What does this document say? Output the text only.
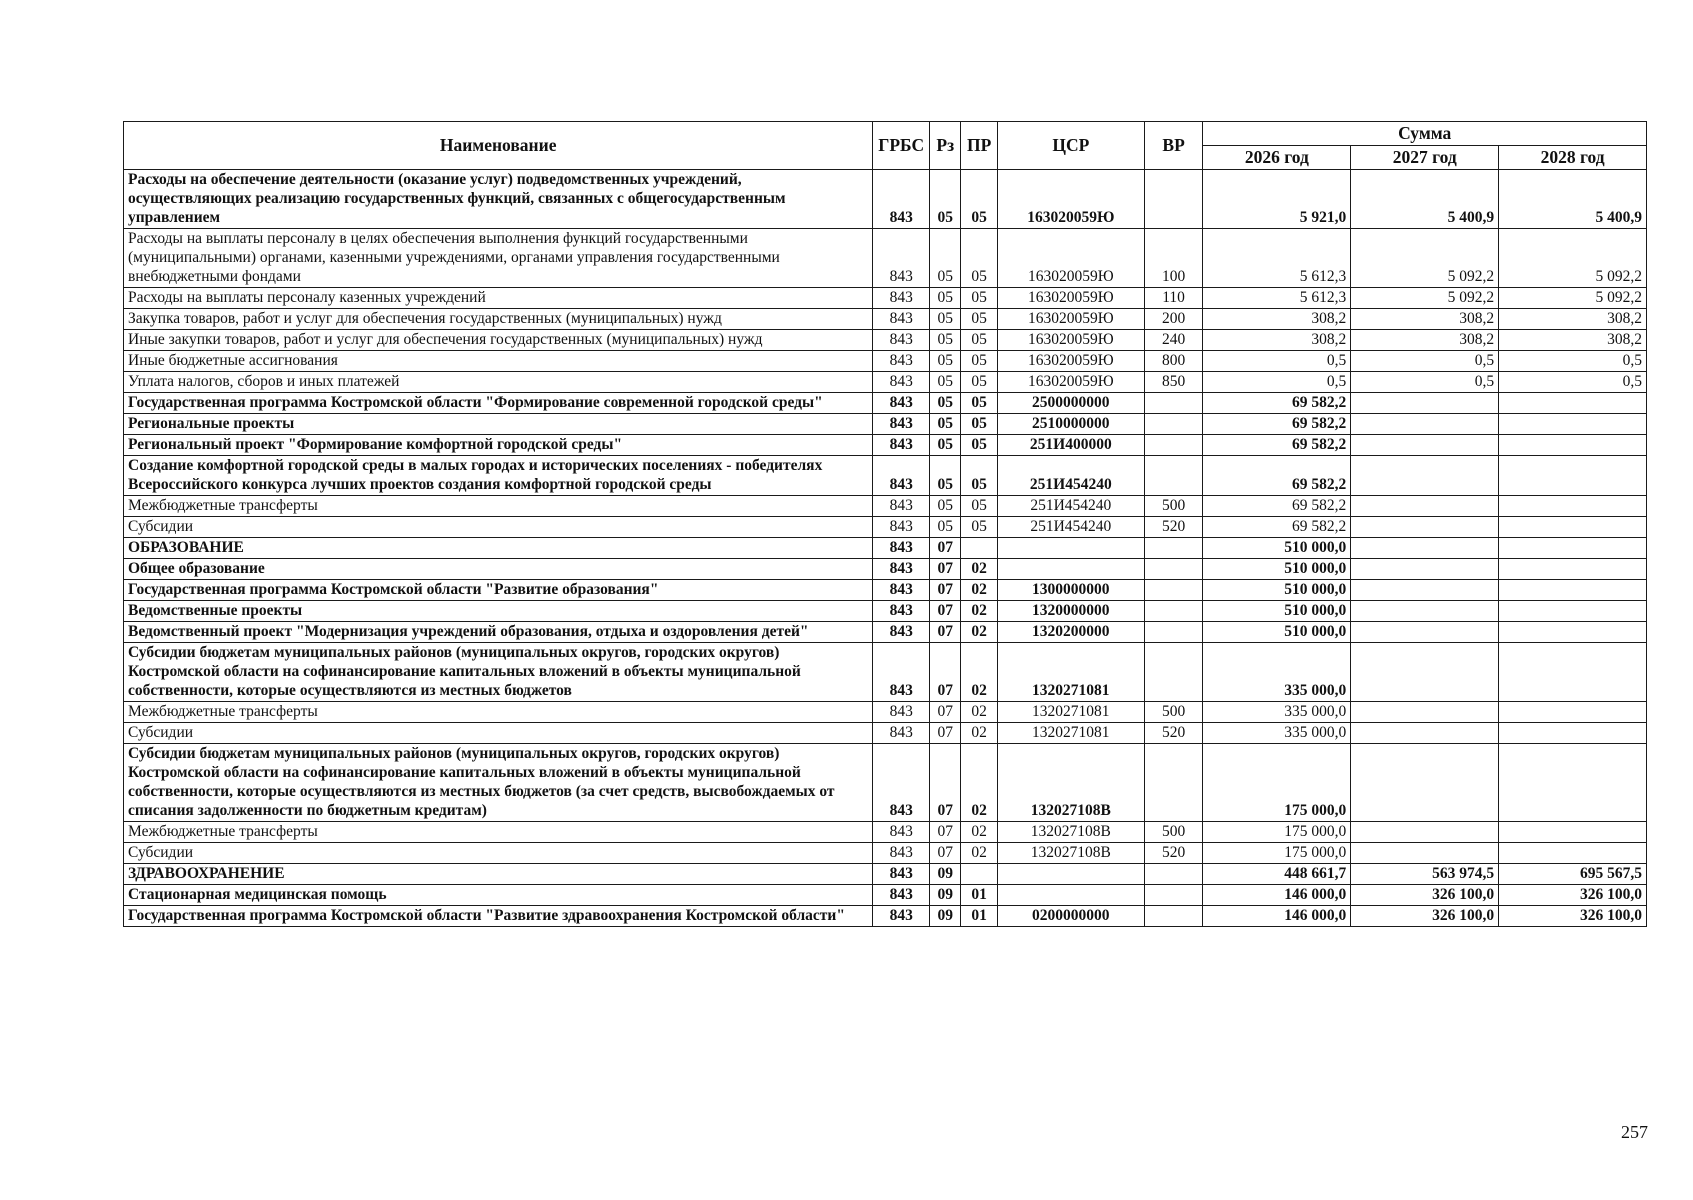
Наименование	ГРБС	Рз	ПР	ЦСР	ВР	Сумма		
						2026 год	2027 год	2028 год
Расходы на обеспечение деятельности (оказание услуг) подведомственных учреждений, осуществляющих реализацию государственных функций, связанных с общегосударственным управлением	843	05	05	163020059Ю		5 921,0	5 400,9	5 400,9
Расходы на выплаты персоналу в целях обеспечения выполнения функций государственными (муниципальными) органами, казенными учреждениями, органами управления государственными внебюджетными фондами	843	05	05	163020059Ю	100	5 612,3	5 092,2	5 092,2
Расходы на выплаты персоналу казенных учреждений	843	05	05	163020059Ю	110	5 612,3	5 092,2	5 092,2
Закупка товаров, работ и услуг для обеспечения государственных (муниципальных) нужд	843	05	05	163020059Ю	200	308,2	308,2	308,2
Иные закупки товаров, работ и услуг для обеспечения государственных (муниципальных) нужд	843	05	05	163020059Ю	240	308,2	308,2	308,2
Иные бюджетные ассигнования	843	05	05	163020059Ю	800	0,5	0,5	0,5
Уплата налогов, сборов и иных платежей	843	05	05	163020059Ю	850	0,5	0,5	0,5
Государственная программа Костромской области "Формирование современной городской среды"	843	05	05	2500000000		69 582,2		
Региональные проекты	843	05	05	2510000000		69 582,2		
Региональный проект "Формирование комфортной городской среды"	843	05	05	251И400000		69 582,2		
Создание комфортной городской среды в малых городах и исторических поселениях - победителях Всероссийского конкурса лучших проектов создания комфортной городской среды	843	05	05	251И454240		69 582,2		
Межбюджетные трансферты	843	05	05	251И454240	500	69 582,2		
Субсидии	843	05	05	251И454240	520	69 582,2		
ОБРАЗОВАНИЕ	843	07				510 000,0		
Общее образование	843	07	02			510 000,0		
Государственная программа Костромской области "Развитие образования"	843	07	02	1300000000		510 000,0		
Ведомственные проекты	843	07	02	1320000000		510 000,0		
Ведомственный проект "Модернизация учреждений образования, отдыха и оздоровления детей"	843	07	02	1320200000		510 000,0		
Субсидии бюджетам муниципальных районов (муниципальных округов, городских округов) Костромской области на софинансирование капитальных вложений в объекты муниципальной собственности, которые осуществляются из местных бюджетов	843	07	02	1320271081		335 000,0		
Межбюджетные трансферты	843	07	02	1320271081	500	335 000,0		
Субсидии	843	07	02	1320271081	520	335 000,0		
Субсидии бюджетам муниципальных районов (муниципальных округов, городских округов) Костромской области на софинансирование капитальных вложений в объекты муниципальной собственности, которые осуществляются из местных бюджетов (за счет средств, высвобождаемых от списания задолженности по бюджетным кредитам)	843	07	02	132027108В		175 000,0		
Межбюджетные трансферты	843	07	02	132027108В	500	175 000,0		
Субсидии	843	07	02	132027108В	520	175 000,0		
ЗДРАВООХРАНЕНИЕ	843	09				448 661,7	563 974,5	695 567,5
Стационарная медицинская помощь	843	09	01			146 000,0	326 100,0	326 100,0
Государственная программа Костромской области "Развитие здравоохранения Костромской области"	843	09	01	0200000000		146 000,0	326 100,0	326 100,0
257
